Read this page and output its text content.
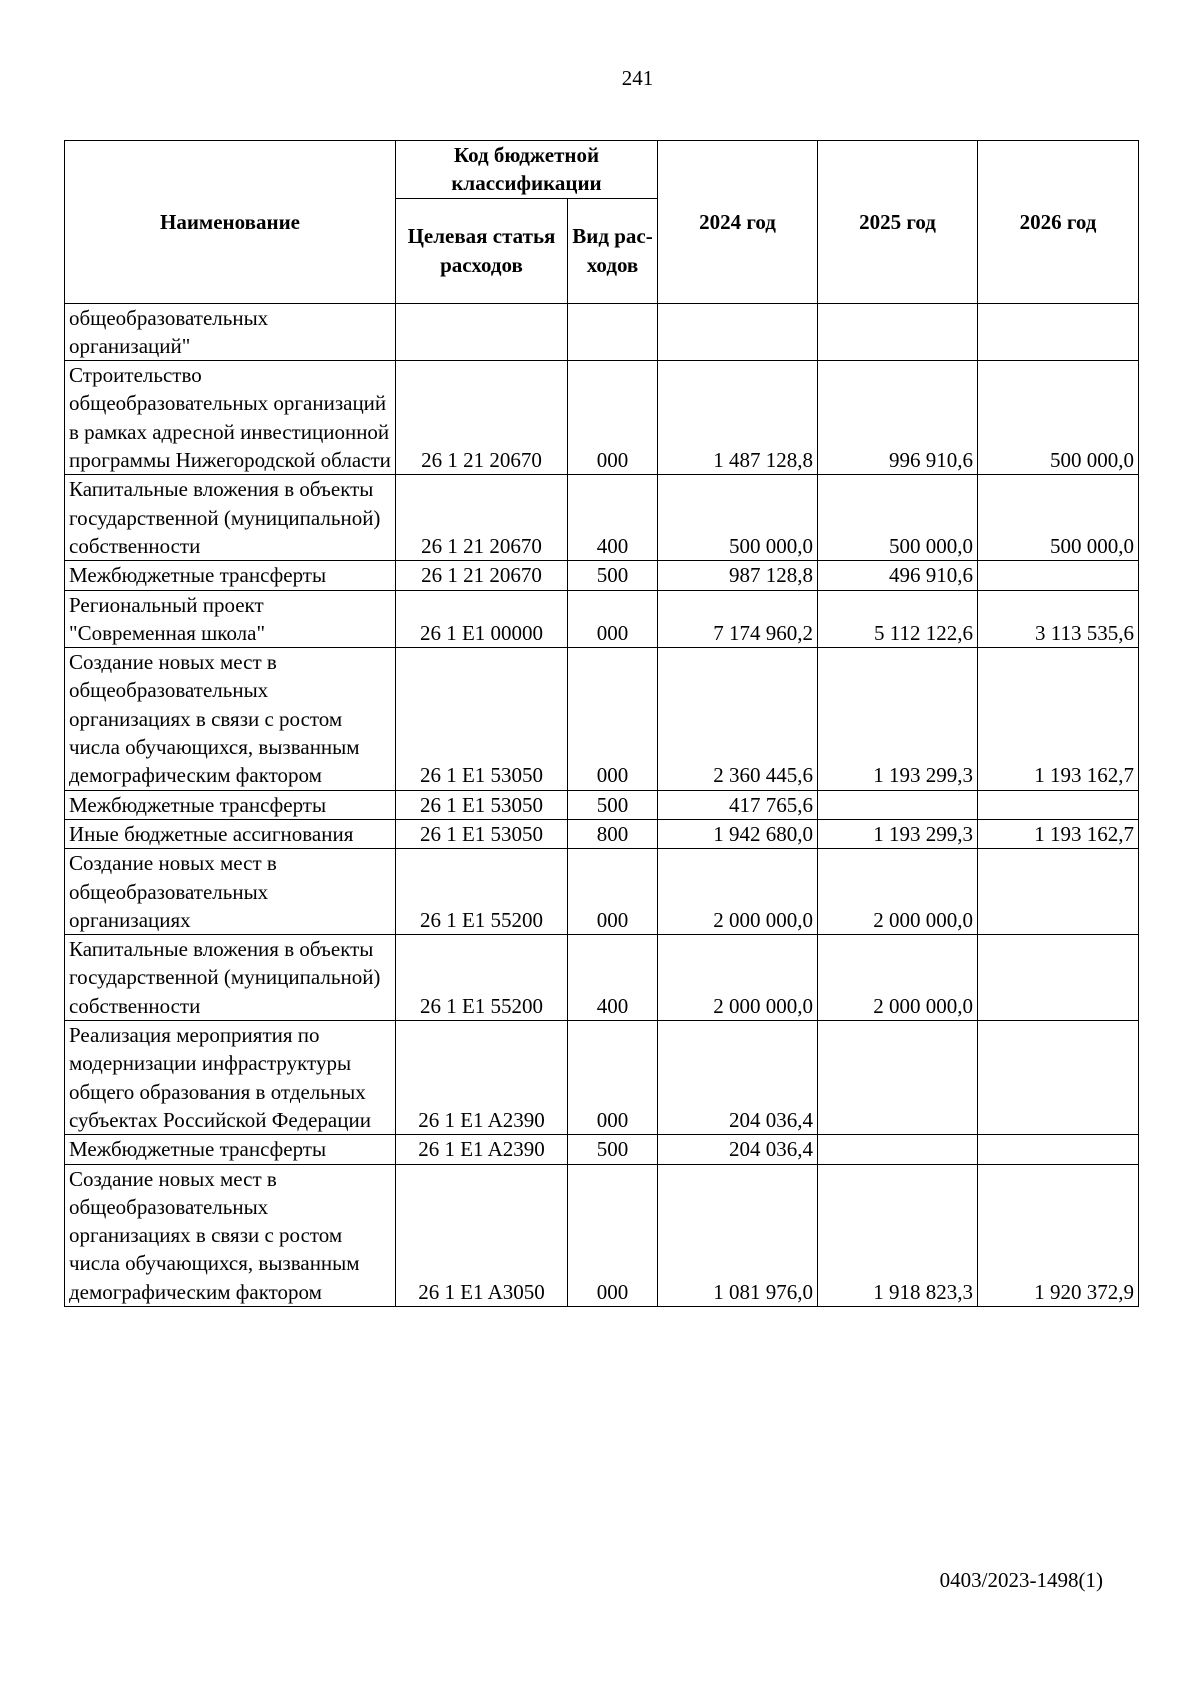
241
Наименование	Код бюджетной классификации		2024 год	2025 год	2026 год
	Целевая статья расходов	Вид рас-ходов			
общеобразовательных организаций"					
Строительство общеобразовательных организаций в рамках адресной инвестиционной программы Нижегородской области	26 1 21 20670	000	1 487 128,8	996 910,6	500 000,0
Капитальные вложения в объекты государственной (муниципальной) собственности	26 1 21 20670	400	500 000,0	500 000,0	500 000,0
Межбюджетные трансферты	26 1 21 20670	500	987 128,8	496 910,6	
Региональный проект "Современная школа"	26 1 E1 00000	000	7 174 960,2	5 112 122,6	3 113 535,6
Создание новых мест в общеобразовательных организациях в связи с ростом числа обучающихся, вызванным демографическим фактором	26 1 E1 53050	000	2 360 445,6	1 193 299,3	1 193 162,7
Межбюджетные трансферты	26 1 E1 53050	500	417 765,6		
Иные бюджетные ассигнования	26 1 E1 53050	800	1 942 680,0	1 193 299,3	1 193 162,7
Создание новых мест в общеобразовательных организациях	26 1 E1 55200	000	2 000 000,0	2 000 000,0	
Капитальные вложения в объекты государственной (муниципальной) собственности	26 1 E1 55200	400	2 000 000,0	2 000 000,0	
Реализация мероприятия по модернизации инфраструктуры общего образования в отдельных субъектах Российской Федерации	26 1 E1 A2390	000	204 036,4		
Межбюджетные трансферты	26 1 E1 A2390	500	204 036,4		
Создание новых мест в общеобразовательных организациях в связи с ростом числа обучающихся, вызванным демографическим фактором	26 1 E1 A3050	000	1 081 976,0	1 918 823,3	1 920 372,9
0403/2023-1498(1)
